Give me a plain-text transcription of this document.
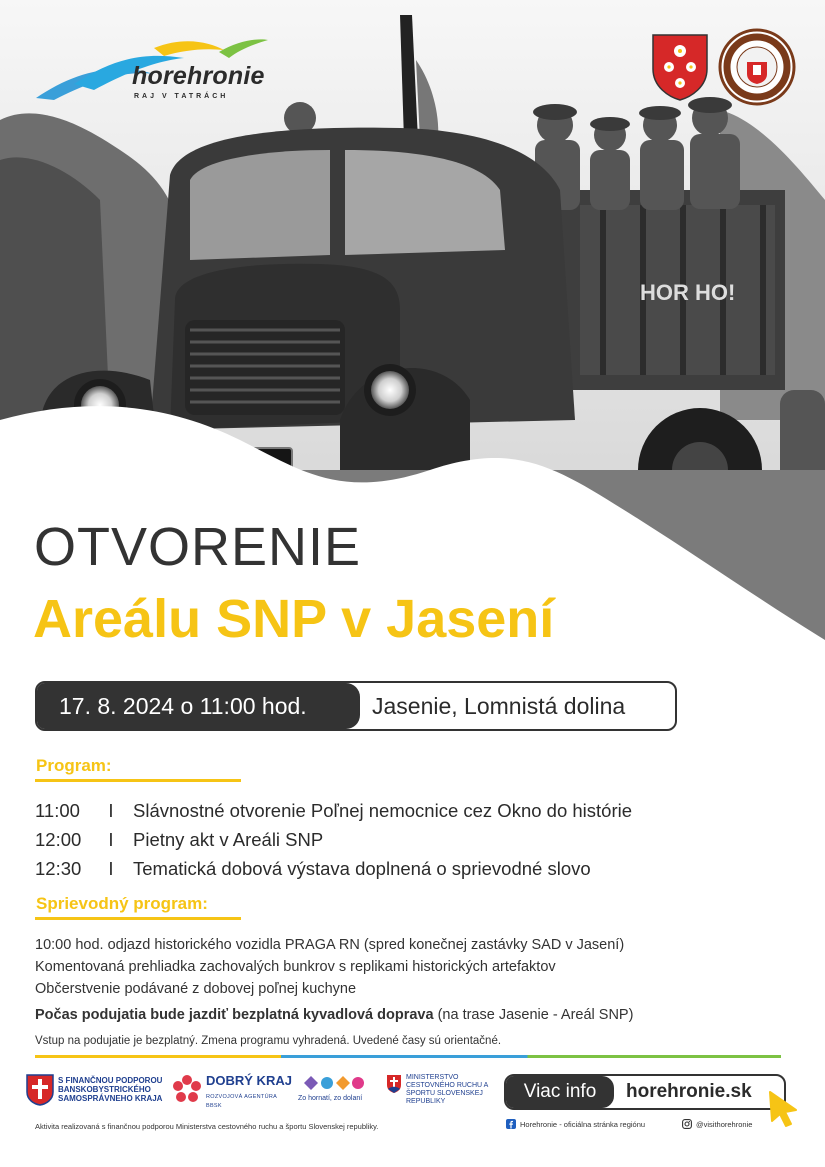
HOR HO!
horehronie
RAJ V TATRÁCH
OTVORENIE
Areálu SNP v Jasení
17. 8. 2024 o 11:00 hod.	Jasenie, Lomnistá dolina
Program:
11:00	I	Slávnostné otvorenie Poľnej nemocnice cez Okno do histórie
12:00	I	Pietny akt v Areáli SNP
12:30	I	Tematická dobová výstava doplnená o sprievodné slovo
Sprievodný program:
10:00 hod. odjazd historického vozidla PRAGA RN (spred konečnej zastávky SAD v Jasení)
Komentovaná prehliadka zachovalých bunkrov s replikami historických artefaktov
Občerstvenie podávané z dobovej poľnej kuchyne
Počas podujatia bude jazdiť bezplatná kyvadlová doprava (na trase Jasenie - Areál SNP)
Vstup na podujatie je bezplatný. Zmena programu vyhradená. Uvedené časy sú orientačné.
S FINANČNOU PODPOROU BANSKOBYSTRICKÉHO SAMOSPRÁVNEHO KRAJA
DOBRÝ KRAJ
ROZVOJOVÁ AGENTÚRA BBSK
Zo hornatí, zo dolaní
MINISTERSTVO CESTOVNÉHO RUCHU A ŠPORTU SLOVENSKEJ REPUBLIKY	Viac info	horehronie.sk
Horehronie - oficiálna stránka regiónu	@visithorehronie
Aktivita realizovaná s finančnou podporou Ministerstva cestovného ruchu a športu Slovenskej republiky.
